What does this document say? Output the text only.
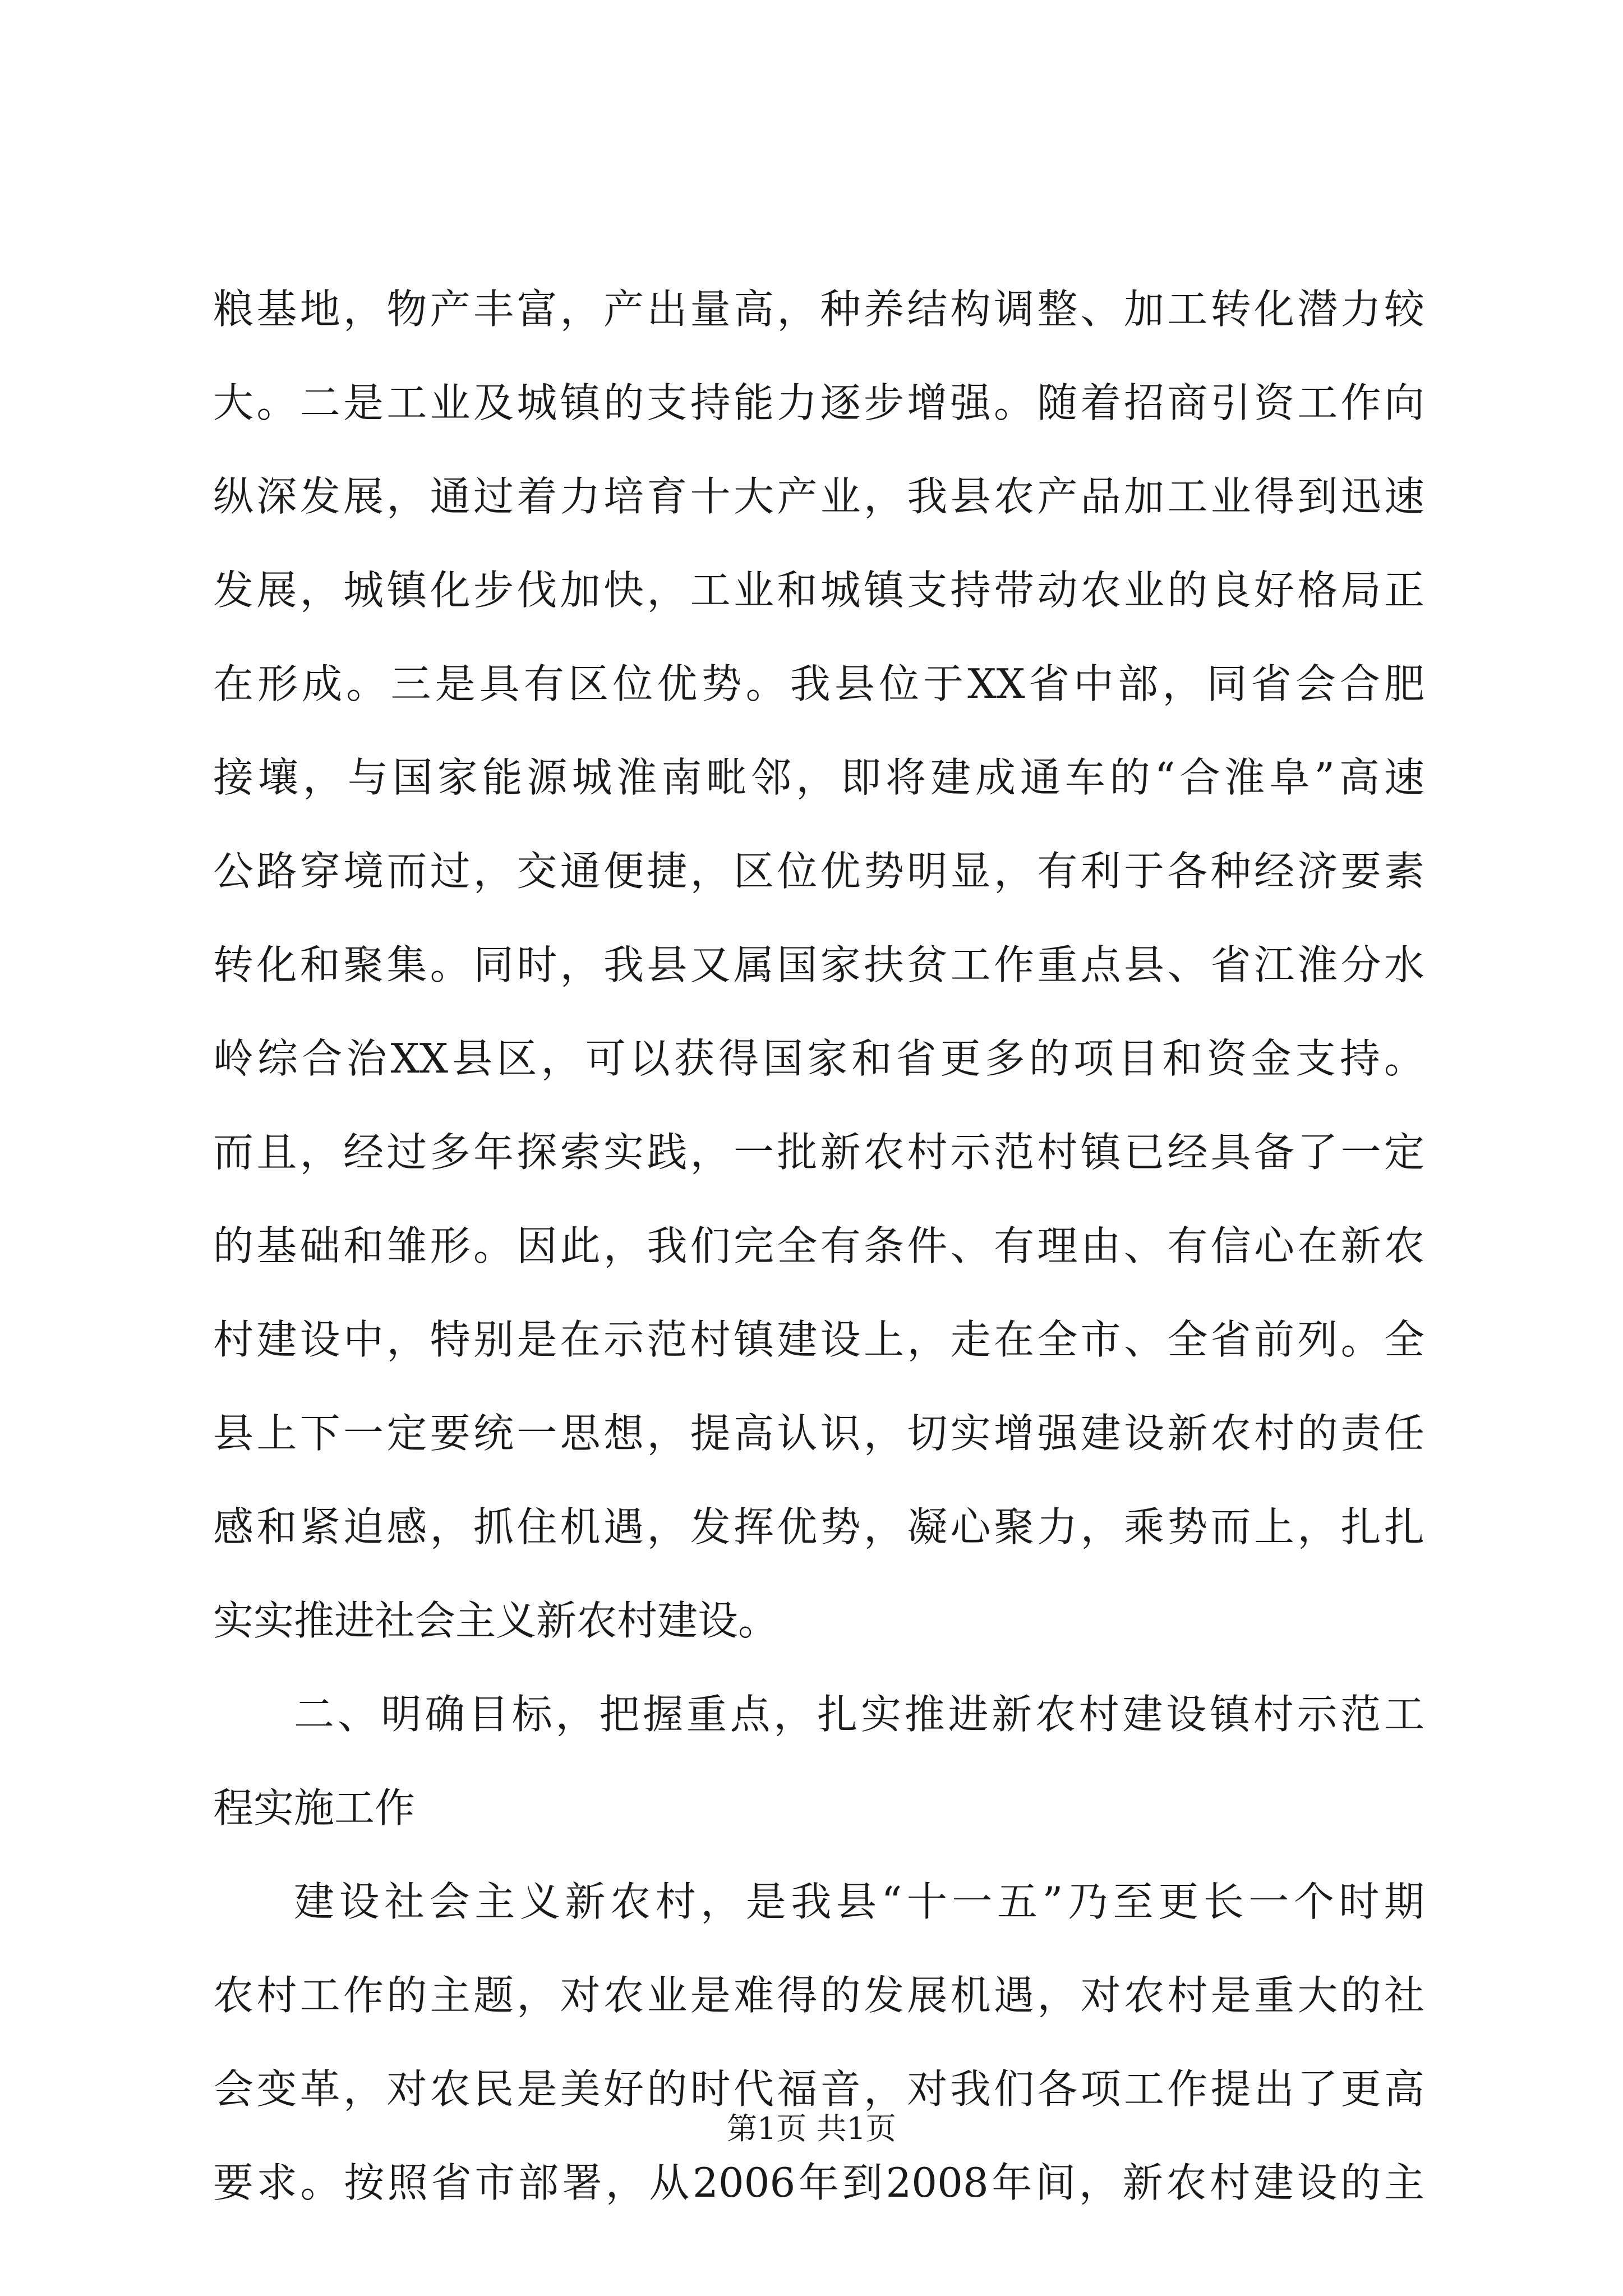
粮基地，物产丰富，产出量高，种养结构调整、加工转化潜力较
大。二是工业及城镇的支持能力逐步增强。随着招商引资工作向
纵深发展，通过着力培育十大产业，我县农产品加工业得到迅速
发展，城镇化步伐加快，工业和城镇支持带动农业的良好格局正
在形成。三是具有区位优势。我县位于XX省中部，同省会合肥
接壤，与国家能源城淮南毗邻，即将建成通车的“合淮阜”高速
公路穿境而过，交通便捷，区位优势明显，有利于各种经济要素
转化和聚集。同时，我县又属国家扶贫工作重点县、省江淮分水
岭综合治XX县区，可以获得国家和省更多的项目和资金支持。
而且，经过多年探索实践，一批新农村示范村镇已经具备了一定
的基础和雏形。因此，我们完全有条件、有理由、有信心在新农
村建设中，特别是在示范村镇建设上，走在全市、全省前列。全
县上下一定要统一思想，提高认识，切实增强建设新农村的责任
感和紧迫感，抓住机遇，发挥优势，凝心聚力，乘势而上，扎扎
实实推进社会主义新农村建设。
二、明确目标，把握重点，扎实推进新农村建设镇村示范工
程实施工作
建设社会主义新农村，是我县“十一五”乃至更长一个时期
农村工作的主题，对农业是难得的发展机遇，对农村是重大的社
会变革，对农民是美好的时代福音，对我们各项工作提出了更高
要求。按照省市部署，从2006年到2008年间，新农村建设的主
第1页 共1页
